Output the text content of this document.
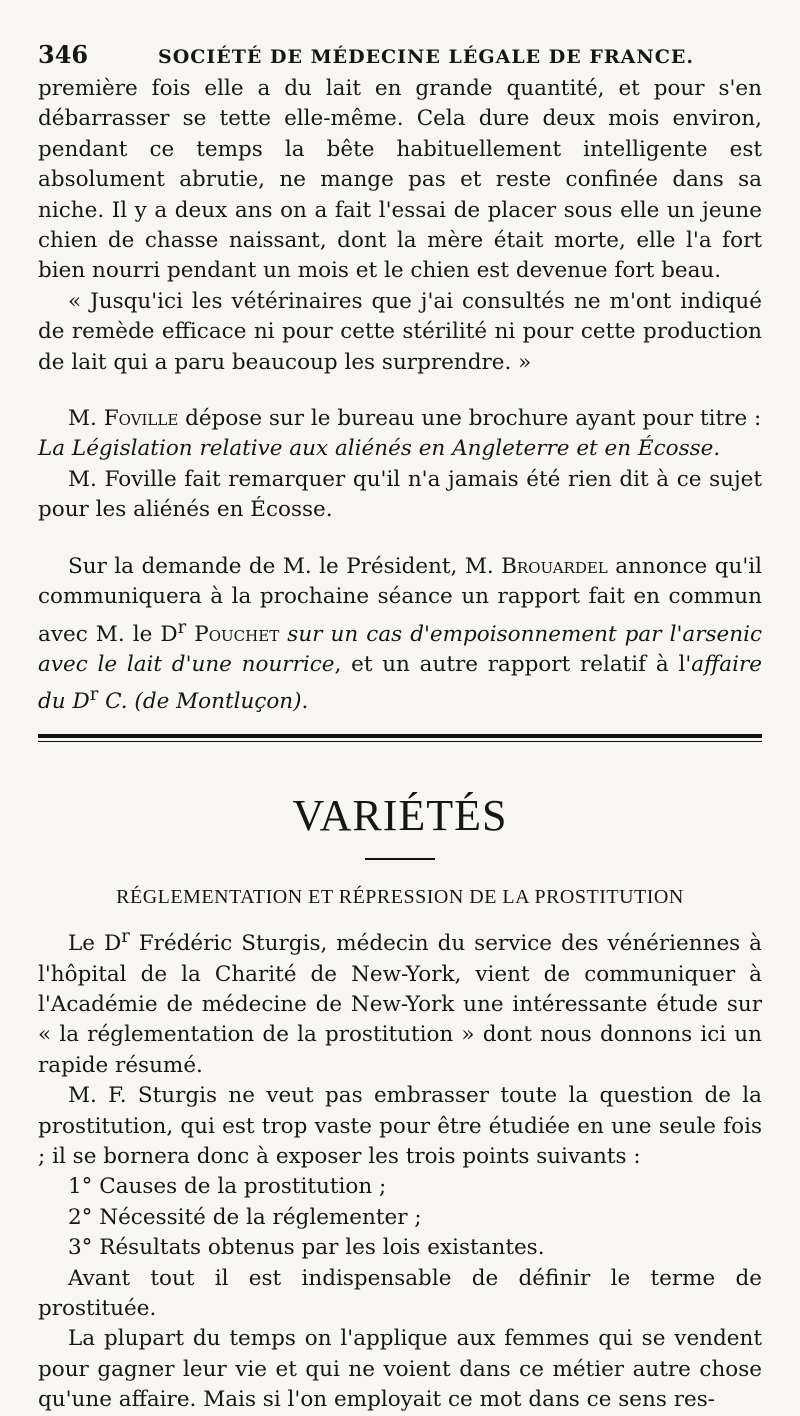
346	SOCIÉTÉ DE MÉDECINE LÉGALE DE FRANCE.

première fois elle a du lait en grande quantité, et pour s'en débarrasser se tette elle-même. Cela dure deux mois environ, pendant ce temps la bête habituellement intelligente est absolument abrutie, ne mange pas et reste confinée dans sa niche. Il y a deux ans on a fait l'essai de placer sous elle un jeune chien de chasse naissant, dont la mère était morte, elle l'a fort bien nourri pendant un mois et le chien est devenue fort beau.

« Jusqu'ici les vétérinaires que j'ai consultés ne m'ont indiqué de remède efficace ni pour cette stérilité ni pour cette production de lait qui a paru beaucoup les surprendre. »

M. Foville dépose sur le bureau une brochure ayant pour titre :
La Législation relative aux aliénés en Angleterre et en Écosse.

M. Foville fait remarquer qu'il n'a jamais été rien dit à ce sujet pour les aliénés en Écosse.

Sur la demande de M. le Président, M. Brouardel annonce qu'il communiquera à la prochaine séance un rapport fait en commun avec M. le $D^r$ Pouchet sur un cas d'empoisonnement par l'arsenic avec le lait d'une nourrice, et un autre rapport relatif à l'affaire du $D^r$ C. (de Montluçon).

VARIÉTÉS
RÉGLEMENTATION ET RÉPRESSION DE LA PROSTITUTION

Le $D^r$ Frédéric Sturgis, médecin du service des vénériennes à l'hôpital de la Charité de New-York, vient de communiquer à l'Académie de médecine de New-York une intéressante étude sur « la réglementation de la prostitution » dont nous donnons ici un rapide résumé.

M. F. Sturgis ne veut pas embrasser toute la question de la prostitution, qui est trop vaste pour être étudiée en une seule fois ; il se bornera donc à exposer les trois points suivants :

1° Causes de la prostitution ;

2° Nécessité de la réglementer ;

3° Résultats obtenus par les lois existantes.

Avant tout il est indispensable de définir le terme de prostituée.

La plupart du temps on l'applique aux femmes qui se vendent pour gagner leur vie et qui ne voient dans ce métier autre chose qu'une affaire. Mais si l'on employait ce mot dans ce sens res-
